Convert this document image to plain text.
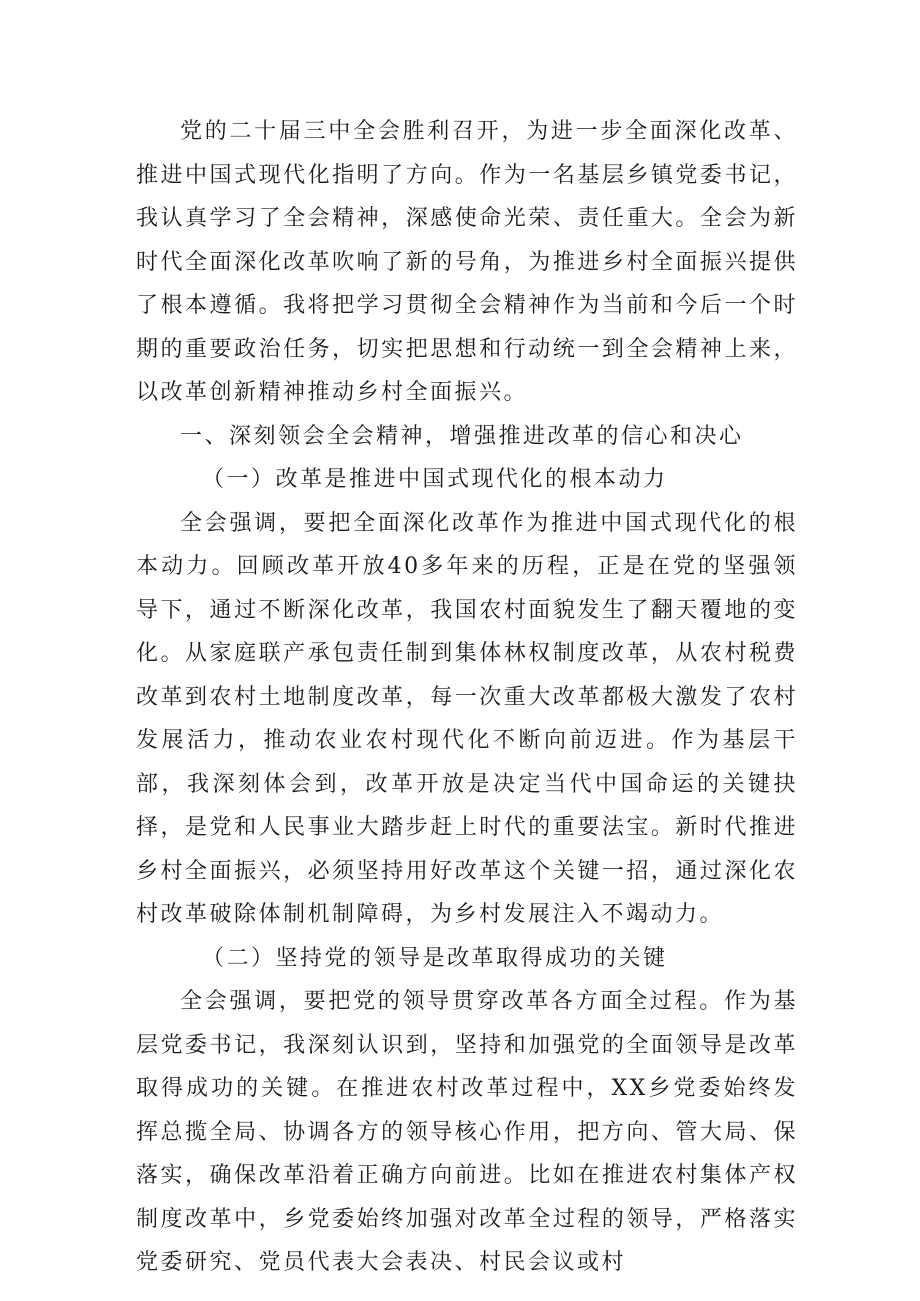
党的二十届三中全会胜利召开，为进一步全面深化改革、推进中国式现代化指明了方向。作为一名基层乡镇党委书记，我认真学习了全会精神，深感使命光荣、责任重大。全会为新时代全面深化改革吹响了新的号角，为推进乡村全面振兴提供了根本遵循。我将把学习贯彻全会精神作为当前和今后一个时期的重要政治任务，切实把思想和行动统一到全会精神上来，以改革创新精神推动乡村全面振兴。

一、深刻领会全会精神，增强推进改革的信心和决心

（一）改革是推进中国式现代化的根本动力

全会强调，要把全面深化改革作为推进中国式现代化的根本动力。回顾改革开放40多年来的历程，正是在党的坚强领导下，通过不断深化改革，我国农村面貌发生了翻天覆地的变化。从家庭联产承包责任制到集体林权制度改革，从农村税费改革到农村土地制度改革，每一次重大改革都极大激发了农村发展活力，推动农业农村现代化不断向前迈进。作为基层干部，我深刻体会到，改革开放是决定当代中国命运的关键抉择，是党和人民事业大踏步赶上时代的重要法宝。新时代推进乡村全面振兴，必须坚持用好改革这个关键一招，通过深化农村改革破除体制机制障碍，为乡村发展注入不竭动力。

（二）坚持党的领导是改革取得成功的关键

全会强调，要把党的领导贯穿改革各方面全过程。作为基层党委书记，我深刻认识到，坚持和加强党的全面领导是改革取得成功的关键。在推进农村改革过程中，XX乡党委始终发挥总揽全局、协调各方的领导核心作用，把方向、管大局、保落实，确保改革沿着正确方向前进。比如在推进农村集体产权制度改革中，乡党委始终加强对改革全过程的领导，严格落实党委研究、党员代表大会表决、村民会议或村
